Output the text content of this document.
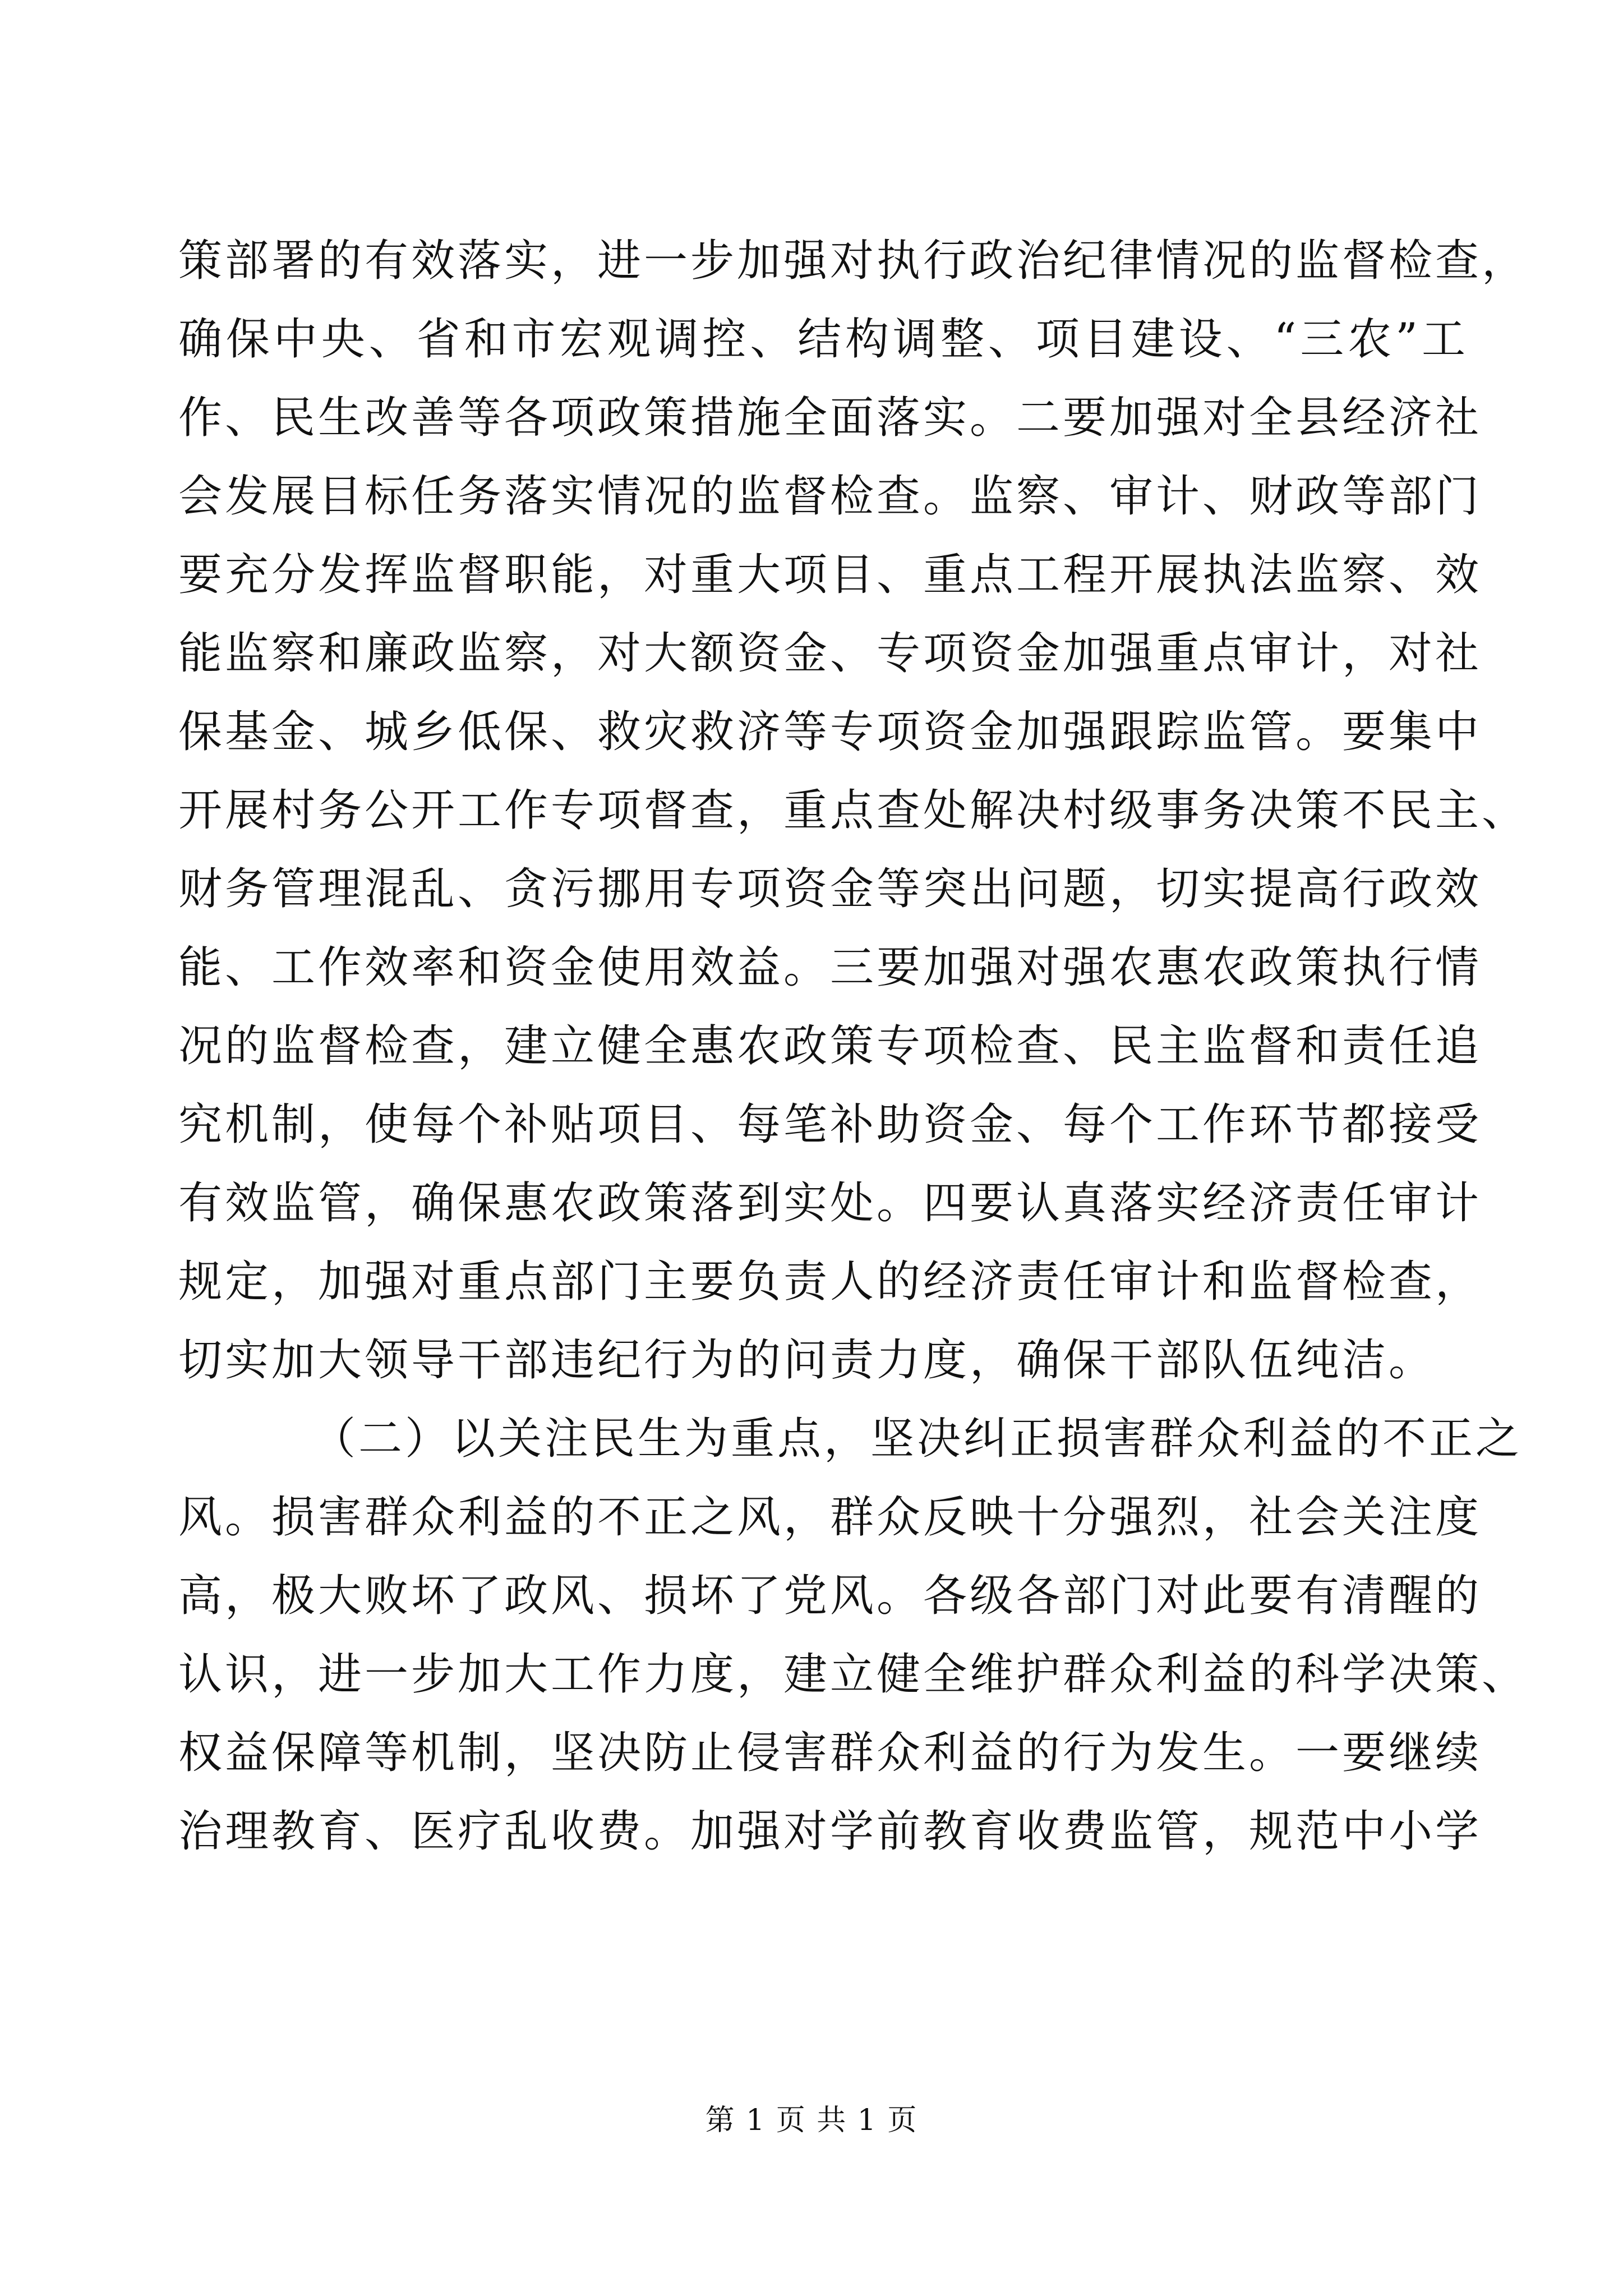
策部署的有效落实，进一步加强对执行政治纪律情况的监督检查，
确保中央、省和市宏观调控、结构调整、项目建设、“三农”工
作、民生改善等各项政策措施全面落实。二要加强对全县经济社
会发展目标任务落实情况的监督检查。监察、审计、财政等部门
要充分发挥监督职能，对重大项目、重点工程开展执法监察、效
能监察和廉政监察，对大额资金、专项资金加强重点审计，对社
保基金、城乡低保、救灾救济等专项资金加强跟踪监管。要集中
开展村务公开工作专项督查，重点查处解决村级事务决策不民主、
财务管理混乱、贪污挪用专项资金等突出问题，切实提高行政效
能、工作效率和资金使用效益。三要加强对强农惠农政策执行情
况的监督检查，建立健全惠农政策专项检查、民主监督和责任追
究机制，使每个补贴项目、每笔补助资金、每个工作环节都接受
有效监管，确保惠农政策落到实处。四要认真落实经济责任审计
规定，加强对重点部门主要负责人的经济责任审计和监督检查，
切实加大领导干部违纪行为的问责力度，确保干部队伍纯洁。
（二）以关注民生为重点，坚决纠正损害群众利益的不正之
风。损害群众利益的不正之风，群众反映十分强烈，社会关注度
高，极大败坏了政风、损坏了党风。各级各部门对此要有清醒的
认识，进一步加大工作力度，建立健全维护群众利益的科学决策、
权益保障等机制，坚决防止侵害群众利益的行为发生。一要继续
治理教育、医疗乱收费。加强对学前教育收费监管，规范中小学
第 1 页 共 1 页
